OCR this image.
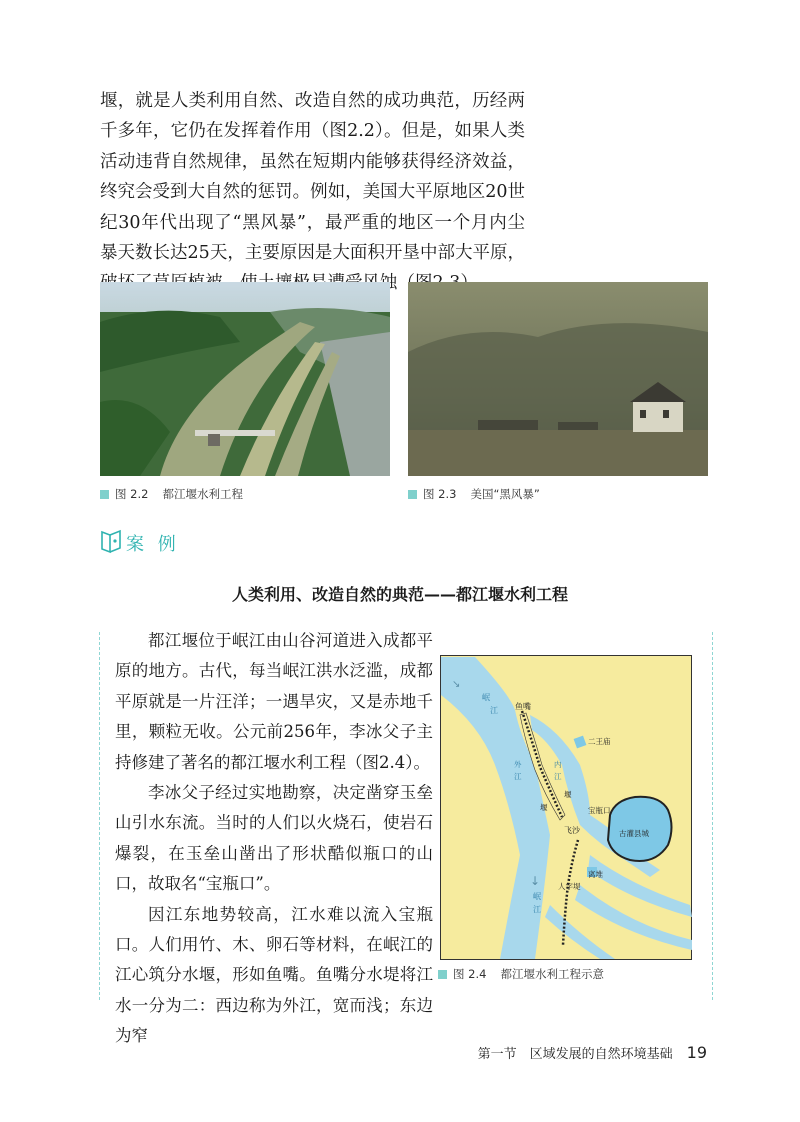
堰，就是人类利用自然、改造自然的成功典范，历经两千多年，它仍在发挥着作用（图2.2）。但是，如果人类活动违背自然规律，虽然在短期内能够获得经济效益，终究会受到大自然的惩罚。例如，美国大平原地区20世纪30年代出现了“黑风暴”，最严重的地区一个月内尘暴天数长达25天，主要原因是大面积开垦中部大平原， 遭受风蚀（图2.3）。

图 2.2 都江堰水利工程	图 2.3 美国“黑风暴”
案 例
人类利用、改造自然的典范——都江堰水利工程

都江堰位于岷江由山谷河道进入成都平原的地方。古代，每当岷江洪水泛滥，成都平原就是一片汪洋；一遇旱灾，又是赤地千里，颗粒无收。公元前256年，李冰父子主持修建了著名的都江堰水利工程（图2.4）。

李冰父子经过实地勘察，决定凿穿玉垒山引水东流。当时的人们以火烧石，使岩石爆裂，在玉垒山凿出了形状酷似瓶口的山口，故取名“宝瓶口”。

因江东地势较高，江水难以流入宝瓶口。人们用竹、木、卵石等材料，在岷江的江心筑分水堰，形如鱼嘴。鱼嘴分水堤将江水一分为二：西边称为外江，宽而浅；东边为窄

↘
↓
鱼嘴
二王庙
宝瓶口
古灌县城
离堆
飞沙
岷
江
岷
江
外
江
内
江
堰
堰
人字堤
图 2.4 都江堰水利工程示意
第一节　区域发展的自然环境基础 19
